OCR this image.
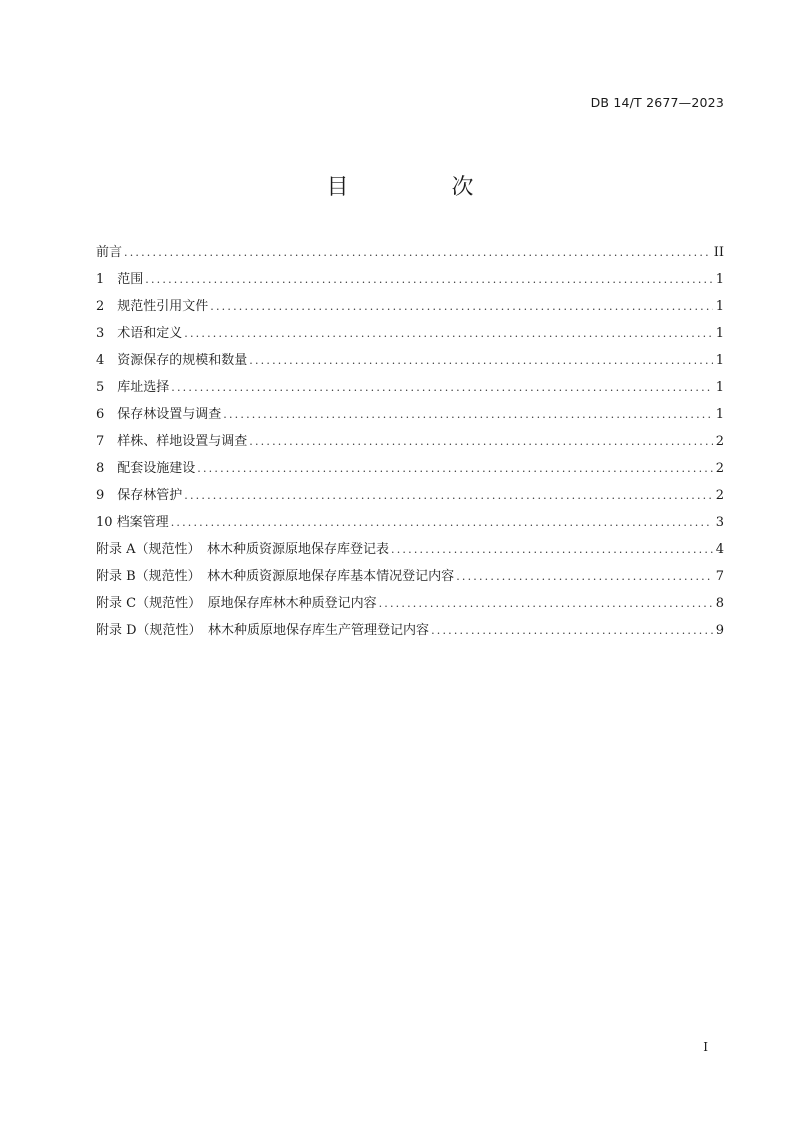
DB 14/T 2677—2023
目 次
前言 .....	II
1　范围 .....	1
2　规范性引用文件 .....	1
3　术语和定义 .....	1
4　资源保存的规模和数量 .....	1
5　库址选择 .....	1
6　保存林设置与调查 .....	1
7　样株、样地设置与调查 .....	2
8　配套设施建设 .....	2
9　保存林管护 .....	2
10 档案管理 .....	3
附录 A（规范性）　林木种质资源原地保存库登记表 .....	4
附录 B（规范性）　林木种质资源原地保存库基本情况登记内容 .....	7
附录 C（规范性）　原地保存库林木种质登记内容 .....	8
附录 D（规范性）　林木种质原地保存库生产管理登记内容 .....	9
I
